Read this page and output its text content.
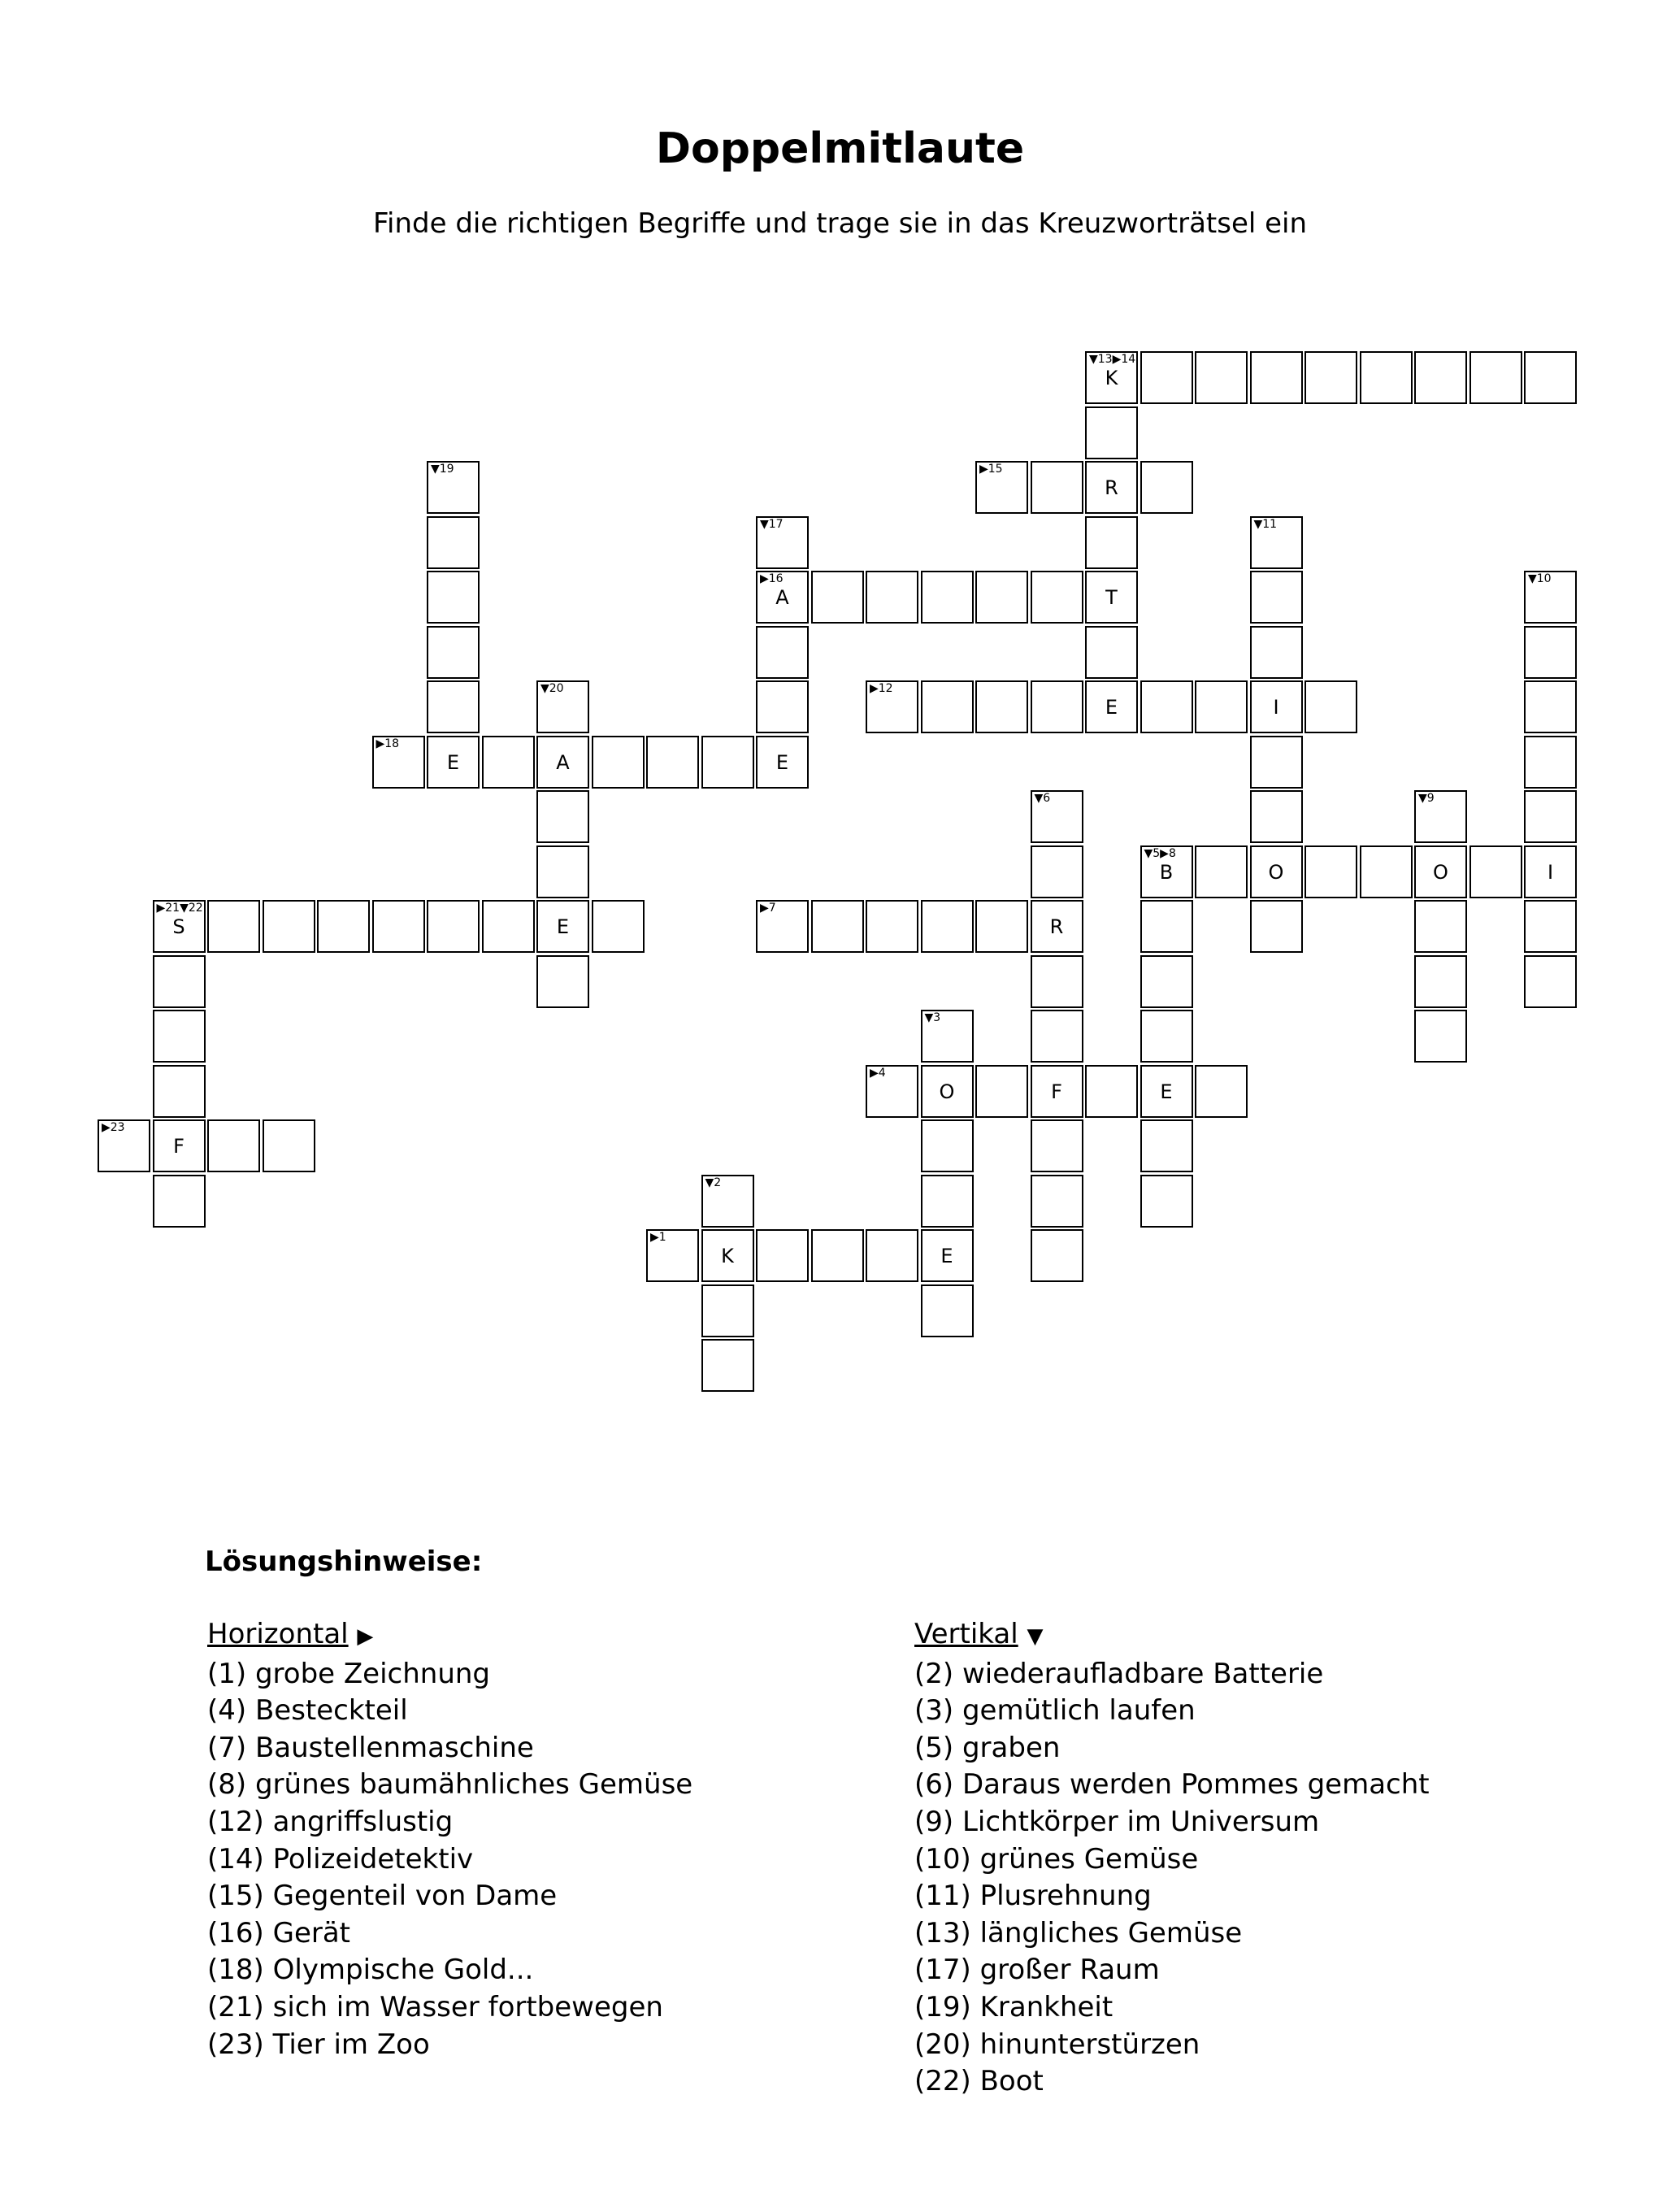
Doppelmitlaute
Finde die richtigen Begriffe und trage sie in das Kreuzworträtsel ein
▼13▶14
K
▼19	▶15
R
▼17	▼11
▶16
A	T
▼10
▼20	▶12
E	I
▶18
E	A	E
▼6	▼9
▼5▶8
B	O	O	I
▶21▼22
S	E
▶7
R
▼3
▶4
O	F	E
▶23
F
▼2
▶1
K	E
Lösungshinweise:
Horizontal ▶
(1) grobe Zeichnung
(4) Besteckteil
(7) Baustellenmaschine
(8) grünes baumähnliches Gemüse
(12) angriffslustig
(14) Polizeidetektiv
(15) Gegenteil von Dame
(16) Gerät
(18) Olympische Gold...
(21) sich im Wasser fortbewegen
(23) Tier im Zoo
Vertikal ▼
(2) wiederaufladbare Batterie
(3) gemütlich laufen
(5) graben
(6) Daraus werden Pommes gemacht
(9) Lichtkörper im Universum
(10) grünes Gemüse
(11) Plusrehnung
(13) längliches Gemüse
(17) großer Raum
(19) Krankheit
(20) hinunterstürzen
(22) Boot
